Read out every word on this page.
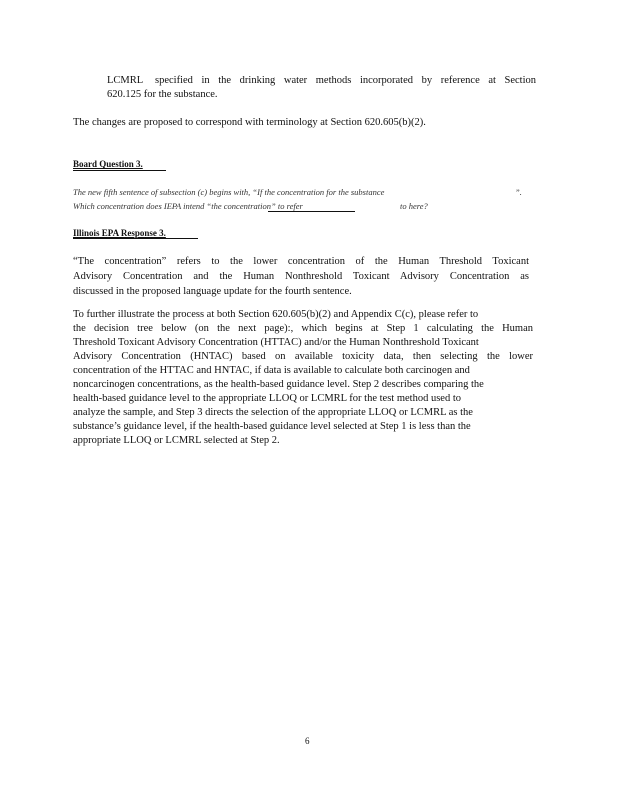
LCMRL specified in the drinking water methods incorporated by reference at Section
620.125 for the substance.
The changes are proposed to correspond with terminology at Section 620.605(b)(2).
Board Question 3.
The new fifth sentence of subsection (c) begins with, “If the concentration for the substance	”.
Which concentration does IEPA intend “the concentration” to refer	to here?
Illinois EPA Response 3.
“The concentration” refers to the lower concentration of the Human Threshold Toxicant
Advisory Concentration and the Human Nonthreshold Toxicant Advisory Concentration as
discussed in the proposed language update for the fourth sentence.
To further illustrate the process at both Section 620.605(b)(2) and Appendix C(c), please refer to
the decision tree below (on the next page):, which begins at Step 1 calculating the Human
Threshold Toxicant Advisory Concentration (HTTAC) and/or the Human Nonthreshold Toxicant
Advisory Concentration (HNTAC) based on available toxicity data, then selecting the lower
concentration of the HTTAC and HNTAC, if data is available to calculate both carcinogen and
noncarcinogen concentrations, as the health-based guidance level. Step 2 describes comparing the
health-based guidance level to the appropriate LLOQ or LCMRL for the test method used to
analyze the sample, and Step 3 directs the selection of the appropriate LLOQ or LCMRL as the
substance’s guidance level, if the health-based guidance level selected at Step 1 is less than the
appropriate LLOQ or LCMRL selected at Step 2.
6
